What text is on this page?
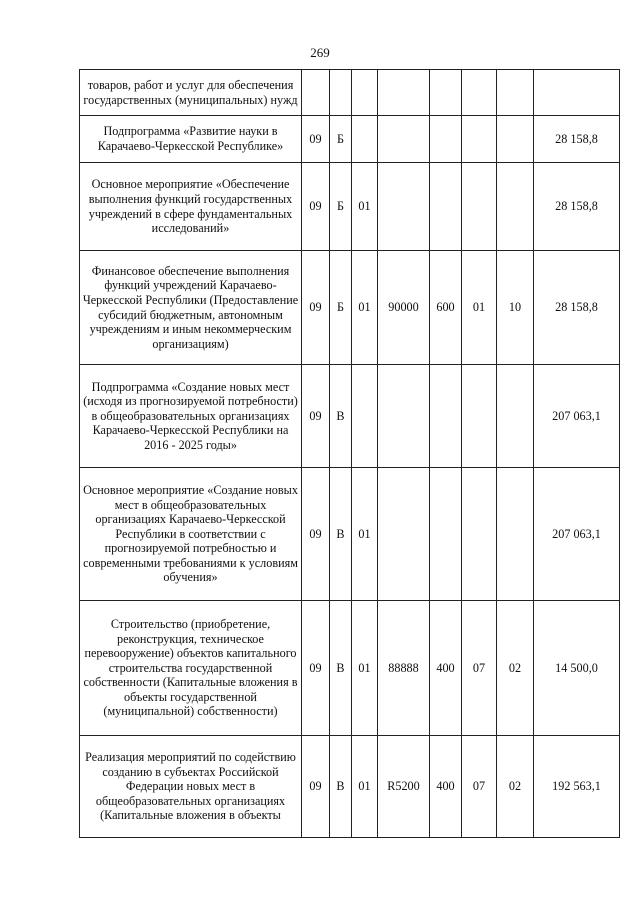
269
товаров, работ и услуг для обеспечения государственных (муниципальных) нужд								
Подпрограмма «Развитие науки в Карачаево-Черкесской Республике»	09	Б						28 158,8
Основное мероприятие «Обеспечение выполнения функций государственных учреждений в сфере фундаментальных исследований»	09	Б	01					28 158,8
Финансовое обеспечение выполнения функций учреждений Карачаево-Черкесской Республики (Предоставление субсидий бюджетным, автономным учреждениям и иным некоммерческим организациям)	09	Б	01	90000	600	01	10	28 158,8
Подпрограмма «Создание новых мест (исходя из прогнозируемой потребности) в общеобразовательных организациях Карачаево-Черкесской Республики на 2016 - 2025 годы»	09	В						207 063,1
Основное мероприятие «Создание новых мест в общеобразовательных организациях Карачаево-Черкесской Республики в соответствии с прогнозируемой потребностью и современными требованиями к условиям обучения»	09	В	01					207 063,1
Строительство (приобретение, реконструкция, техническое перевооружение) объектов капитального строительства государственной собственности (Капитальные вложения в объекты государственной (муниципальной) собственности)	09	В	01	88888	400	07	02	14 500,0
Реализация мероприятий по содействию созданию в субъектах Российской Федерации новых мест в общеобразовательных организациях (Капитальные вложения в объекты	09	В	01	R5200	400	07	02	192 563,1
